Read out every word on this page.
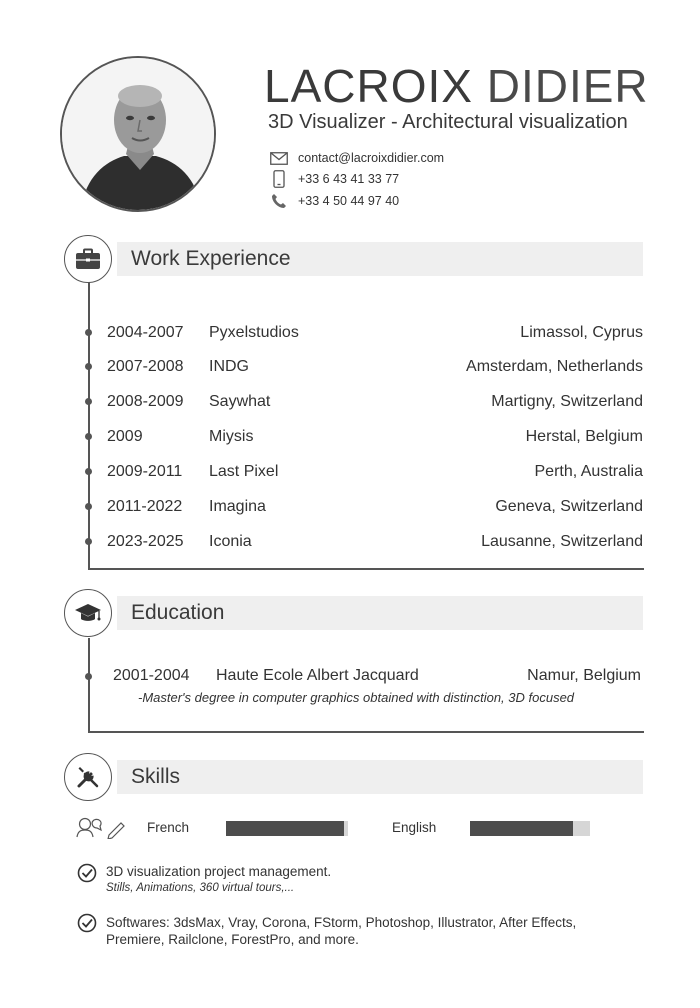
LACROIX DIDIER
3D Visualizer - Architectural visualization
contact@lacroixdidier.com
+33 6 43 41 33 77
+33 4 50 44 97 40
Work Experience
2004-2007	Pyxelstudios	Limassol, Cyprus
2007-2008	INDG	Amsterdam, Netherlands
2008-2009	Saywhat	Martigny, Switzerland
2009	Miysis	Herstal, Belgium
2009-2011	Last Pixel	Perth, Australia
2011-2022	Imagina	Geneva, Switzerland
2023-2025	Iconia	Lausanne, Switzerland
Education
2001-2004	Haute Ecole Albert Jacquard	Namur, Belgium
-Master's degree in computer graphics obtained with distinction, 3D focused
Skills
French	English
3D visualization project management.
Stills, Animations, 360 virtual tours,...
Softwares: 3dsMax, Vray, Corona, FStorm, Photoshop, Illustrator, After Effects,
Premiere, Railclone, ForestPro, and more.
